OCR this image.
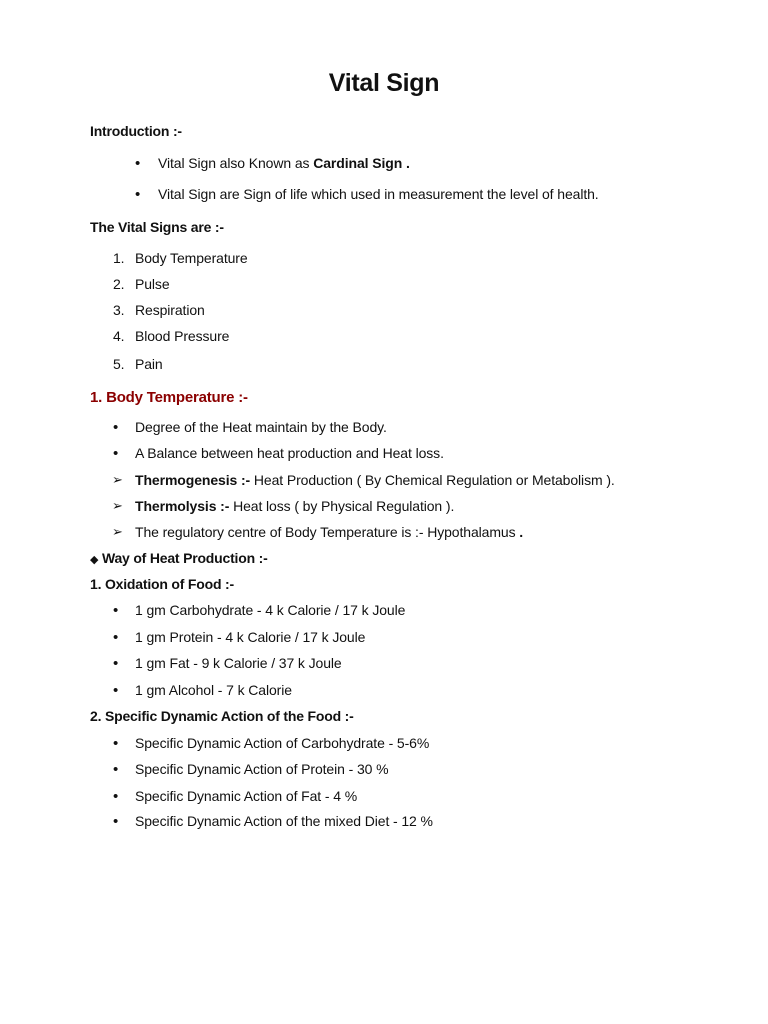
Vital Sign
Introduction :-
• Vital Sign also Known as Cardinal Sign .
• Vital Sign are Sign of life which used in measurement the level of health.
The Vital Signs are :-
1. Body Temperature
2. Pulse
3. Respiration
4. Blood Pressure
5. Pain
1. Body Temperature :-
• Degree of the Heat maintain by the Body.
• A Balance between heat production and Heat loss.
➢ Thermogenesis :- Heat Production ( By Chemical Regulation or Metabolism ).
➢ Thermolysis :- Heat loss ( by Physical Regulation ).
➢ The regulatory centre of Body Temperature is :- Hypothalamus .
◆ Way of Heat Production :-
1. Oxidation of Food :-
• 1 gm Carbohydrate - 4 k Calorie / 17 k Joule
• 1 gm Protein - 4 k Calorie / 17 k Joule
• 1 gm Fat - 9 k Calorie / 37 k Joule
• 1 gm Alcohol - 7 k Calorie
2. Specific Dynamic Action of the Food :-
• Specific Dynamic Action of Carbohydrate - 5-6%
• Specific Dynamic Action of Protein - 30 %
• Specific Dynamic Action of Fat - 4 %
• Specific Dynamic Action of the mixed Diet - 12 %
